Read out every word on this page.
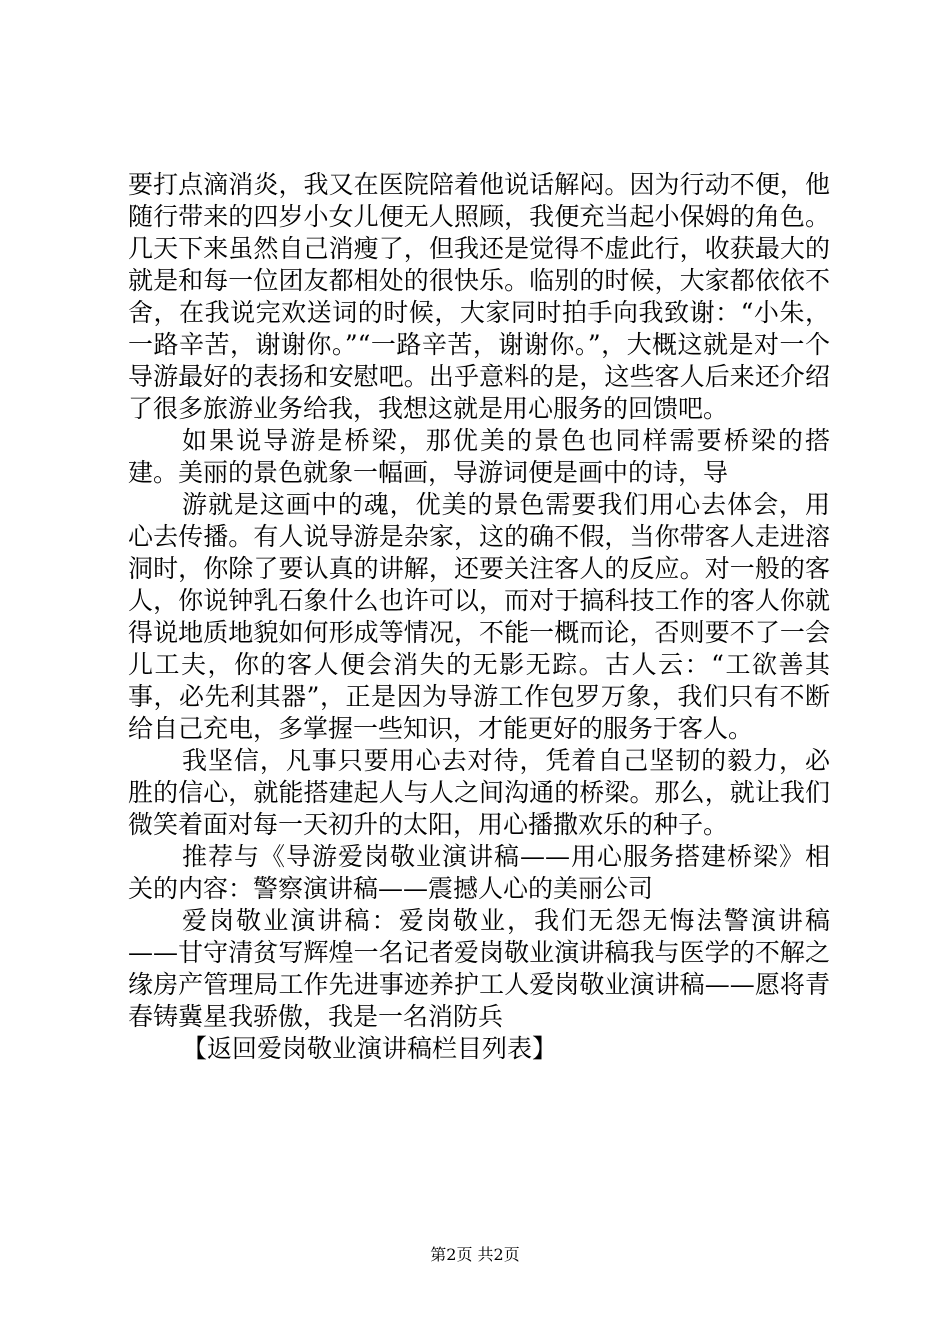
要打点滴消炎，我又在医院陪着他说话解闷。因为行动不便，他随行带来的四岁小女儿便无人照顾，我便充当起小保姆的角色。几天下来虽然自己消瘦了，但我还是觉得不虚此行，收获最大的就是和每一位团友都相处的很快乐。临别的时候，大家都依依不舍，在我说完欢送词的时候，大家同时拍手向我致谢：“小朱，一路辛苦，谢谢你。”“一路辛苦，谢谢你。”，大概这就是对一个导游最好的表扬和安慰吧。出乎意料的是，这些客人后来还介绍了很多旅游业务给我，我想这就是用心服务的回馈吧。

如果说导游是桥梁，那优美的景色也同样需要桥梁的搭建。美丽的景色就象一幅画，导游词便是画中的诗，导

游就是这画中的魂，优美的景色需要我们用心去体会，用心去传播。有人说导游是杂家，这的确不假，当你带客人走进溶洞时，你除了要认真的讲解，还要关注客人的反应。对一般的客人，你说钟乳石象什么也许可以，而对于搞科技工作的客人你就得说地质地貌如何形成等情况，不能一概而论，否则要不了一会儿工夫，你的客人便会消失的无影无踪。古人云：“工欲善其事，必先利其器”，正是因为导游工作包罗万象，我们只有不断给自己充电，多掌握一些知识，才能更好的服务于客人。

我坚信，凡事只要用心去对待，凭着自己坚韧的毅力，必胜的信心，就能搭建起人与人之间沟通的桥梁。那么，就让我们微笑着面对每一天初升的太阳，用心播撒欢乐的种子。

推荐与《导游爱岗敬业演讲稿——用心服务搭建桥梁》相关的内容：警察演讲稿——震撼人心的美丽公司

爱岗敬业演讲稿：爱岗敬业，我们无怨无悔法警演讲稿——甘守清贫写辉煌一名记者爱岗敬业演讲稿我与医学的不解之缘房产管理局工作先进事迹养护工人爱岗敬业演讲稿——愿将青春铸冀星我骄傲，我是一名消防兵

【返回爱岗敬业演讲稿栏目列表】

第2页 共2页
